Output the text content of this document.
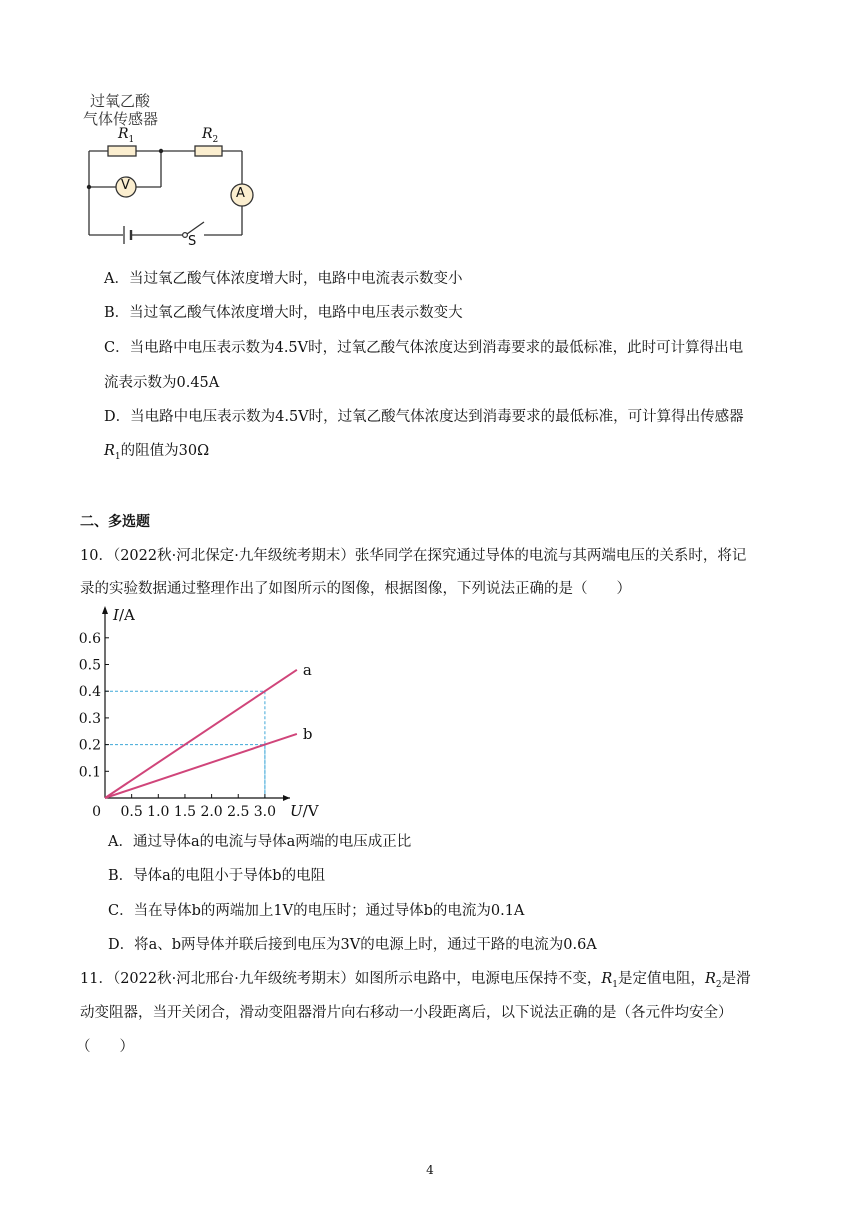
过氧乙酸
气体传感器
$R_1$	$R_2$
V
A
S
A．当过氧乙酸气体浓度增大时，电路中电流表示数变小
B．当过氧乙酸气体浓度增大时，电路中电压表示数变大
C．当电路中电压表示数为4.5V时，过氧乙酸气体浓度达到消毒要求的最低标准，此时可计算得出电
流表示数为0.45A
D．当电路中电压表示数为4.5V时，过氧乙酸气体浓度达到消毒要求的最低标准，可计算得出传感器
$R_1$的阻值为30Ω
二、多选题
10．（2022秋·河北保定·九年级统考期末）张华同学在探究通过导体的电流与其两端电压的关系时，将记
录的实验数据通过整理作出了如图所示的图像，根据图像，下列说法正确的是（　　）
0.1
0.2
0.3
0.4
0.5
0.6
0 0.5 1.0 1.5 2.0 2.5 3.0
a
b
I/A
U/V
A．通过导体a的电流与导体a两端的电压成正比
B．导体a的电阻小于导体b的电阻
C．当在导体b的两端加上1V的电压时；通过导体b的电流为0.1A
D．将a、b两导体并联后接到电压为3V的电源上时，通过干路的电流为0.6A
11．（2022秋·河北邢台·九年级统考期末）如图所示电路中，电源电压保持不变，$R_1$是定值电阻，$R_2$是滑
动变阻器，当开关闭合，滑动变阻器滑片向右移动一小段距离后，以下说法正确的是（各元件均安全）
（　　）
4
